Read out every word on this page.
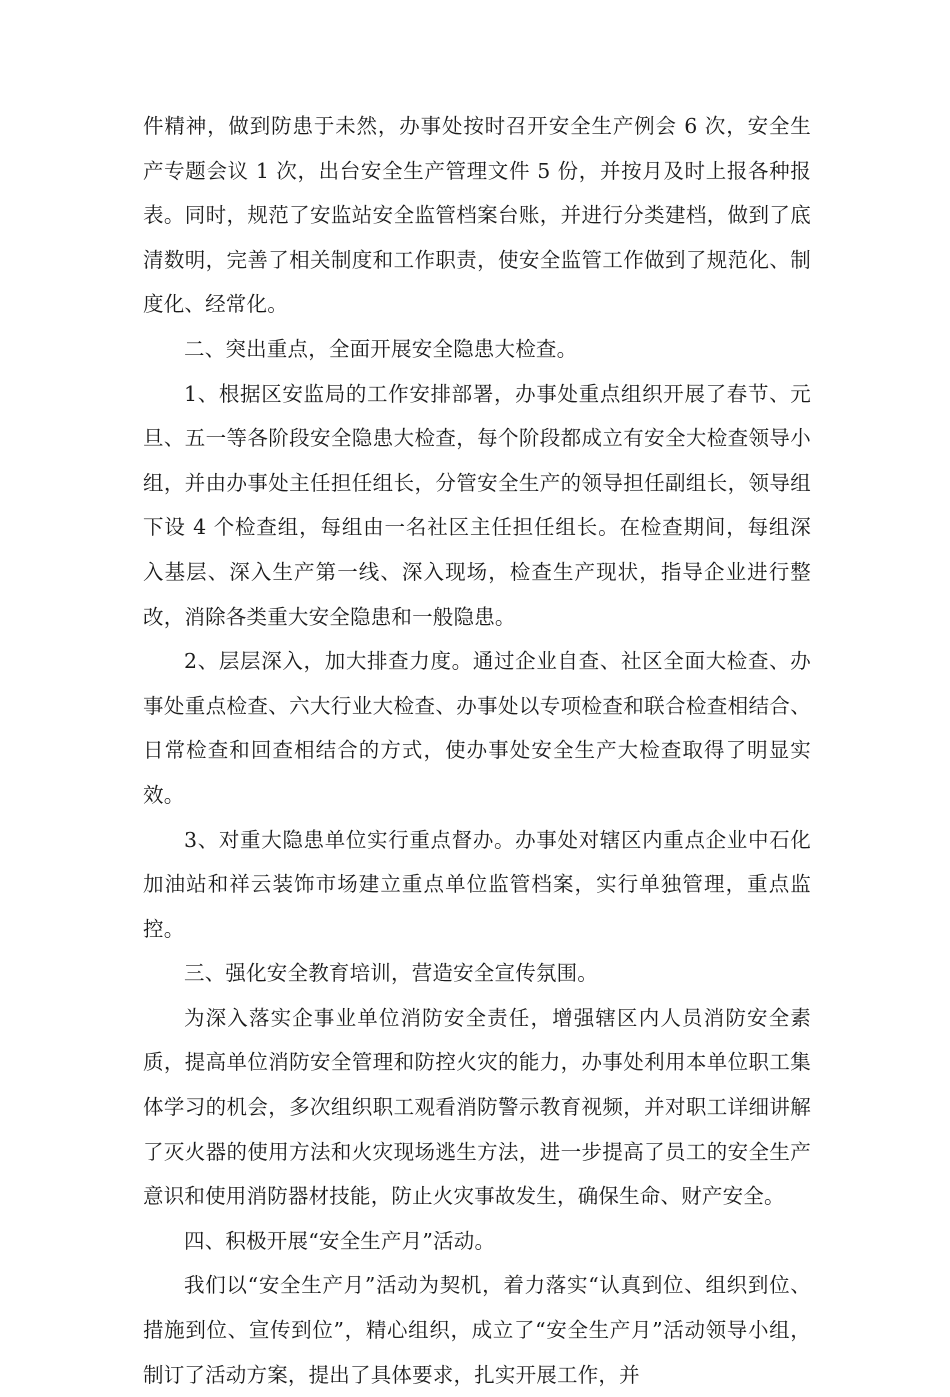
件精神，做到防患于未然，办事处按时召开安全生产例会 6 次，安全生产专题会议 1 次，出台安全生产管理文件 5 份，并按月及时上报各种报表。同时，规范了安监站安全监管档案台账，并进行分类建档，做到了底清数明，完善了相关制度和工作职责，使安全监管工作做到了规范化、制度化、经常化。

二、突出重点，全面开展安全隐患大检查。

1、根据区安监局的工作安排部署，办事处重点组织开展了春节、元旦、五一等各阶段安全隐患大检查，每个阶段都成立有安全大检查领导小组，并由办事处主任担任组长，分管安全生产的领导担任副组长，领导组下设 4 个检查组，每组由一名社区主任担任组长。在检查期间，每组深入基层、深入生产第一线、深入现场，检查生产现状，指导企业进行整改，消除各类重大安全隐患和一般隐患。

2、层层深入，加大排查力度。通过企业自查、社区全面大检查、办事处重点检查、六大行业大检查、办事处以专项检查和联合检查相结合、日常检查和回查相结合的方式，使办事处安全生产大检查取得了明显实效。

3、对重大隐患单位实行重点督办。办事处对辖区内重点企业中石化加油站和祥云装饰市场建立重点单位监管档案，实行单独管理，重点监控。

三、强化安全教育培训，营造安全宣传氛围。

为深入落实企事业单位消防安全责任，增强辖区内人员消防安全素质，提高单位消防安全管理和防控火灾的能力，办事处利用本单位职工集体学习的机会，多次组织职工观看消防警示教育视频，并对职工详细讲解了灭火器的使用方法和火灾现场逃生方法，进一步提高了员工的安全生产意识和使用消防器材技能，防止火灾事故发生，确保生命、财产安全。

四、积极开展“安全生产月”活动。

我们以“安全生产月”活动为契机，着力落实“认真到位、组织到位、措施到位、宣传到位”，精心组织，成立了“安全生产月”活动领导小组，制订了活动方案，提出了具体要求，扎实开展工作，并
